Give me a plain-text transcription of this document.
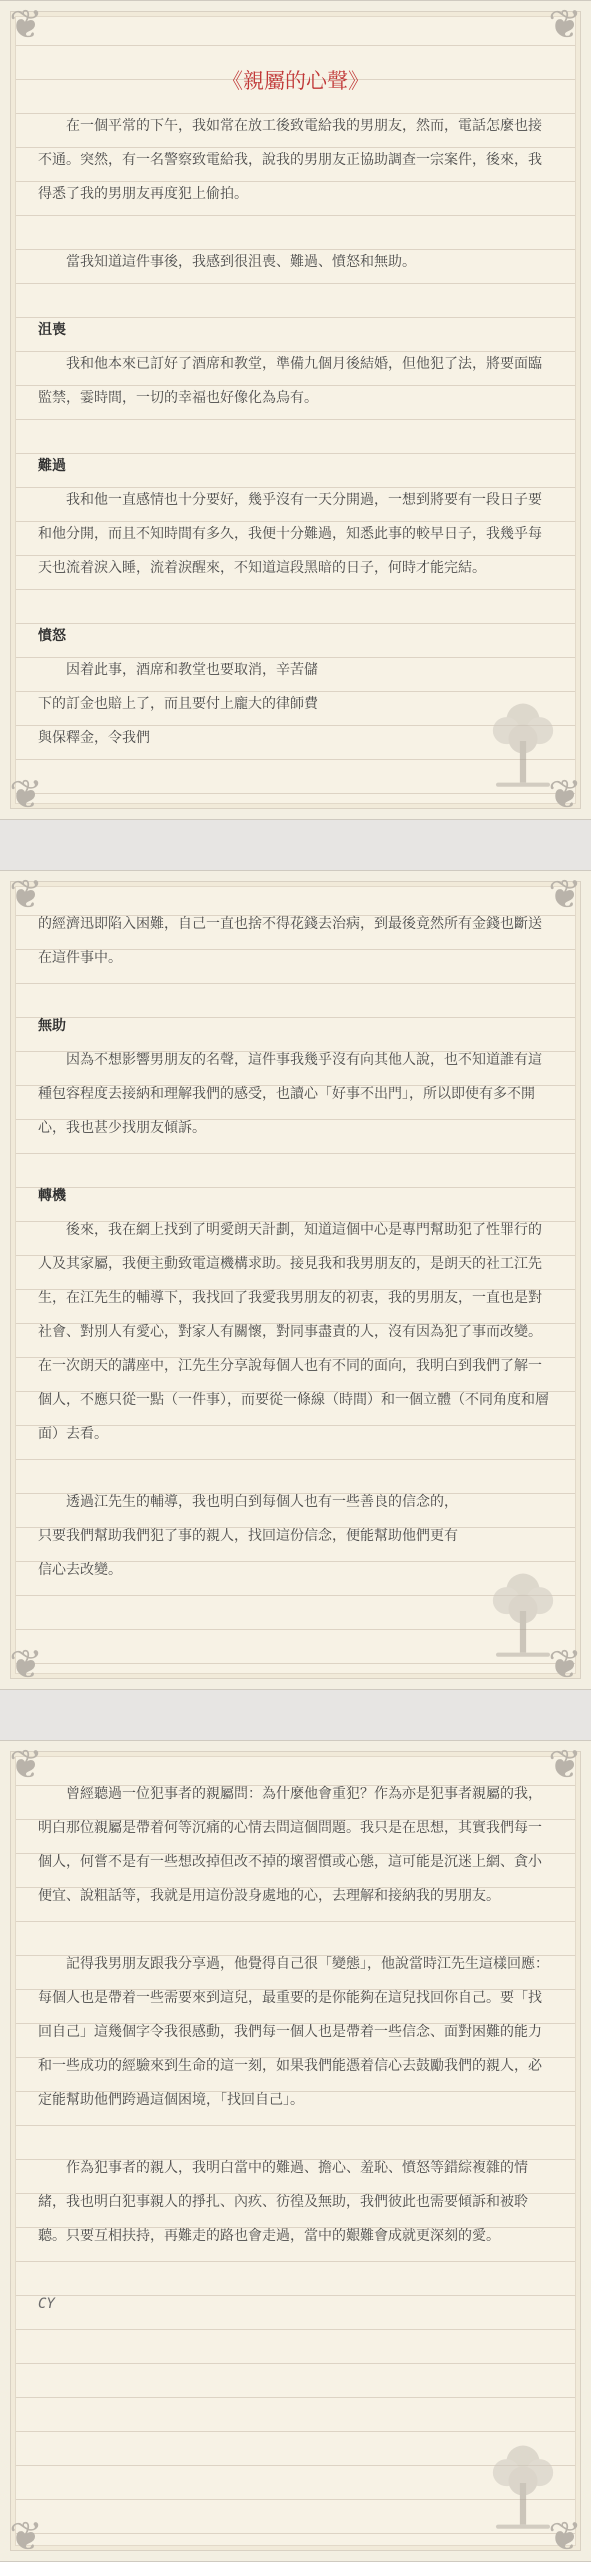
❦	❦
❦	❦
《親屬的心聲》

在一個平常的下午，我如常在放工後致電給我的男朋友，然而，電話怎麼也接不通。突然，有一名警察致電給我，說我的男朋友正協助調查一宗案件，後來，我得悉了我的男朋友再度犯上偷拍。

當我知道這件事後，我感到很沮喪、難過、憤怒和無助。

沮喪

我和他本來已訂好了酒席和教堂，準備九個月後結婚，但他犯了法，將要面臨監禁，霎時間，一切的幸福也好像化為烏有。

難過

我和他一直感情也十分要好，幾乎沒有一天分開過，一想到將要有一段日子要和他分開，而且不知時間有多久，我便十分難過，知悉此事的較早日子，我幾乎每天也流着淚入睡，流着淚醒來，不知道這段黑暗的日子，何時才能完結。

憤怒

因着此事，酒席和教堂也要取消，辛苦儲下的訂金也賠上了，而且要付上龐大的律師費與保釋金，令我們

❦	❦
❦	❦

的經濟迅即陷入困難，自己一直也捨不得花錢去治病，到最後竟然所有金錢也斷送在這件事中。

無助

因為不想影響男朋友的名聲，這件事我幾乎沒有向其他人說，也不知道誰有這種包容程度去接納和理解我們的感受，也讀心「好事不出門」，所以即使有多不開心，我也甚少找朋友傾訴。

轉機

後來，我在網上找到了明愛朗天計劃，知道這個中心是專門幫助犯了性罪行的人及其家屬，我便主動致電這機構求助。接見我和我男朋友的，是朗天的社工江先生，在江先生的輔導下，我找回了我愛我男朋友的初衷，我的男朋友，一直也是對社會、對別人有愛心，對家人有關懷，對同事盡責的人，沒有因為犯了事而改變。在一次朗天的講座中，江先生分享說每個人也有不同的面向，我明白到我們了解一個人，不應只從一點（一件事），而要從一條線（時間）和一個立體（不同角度和層面）去看。

透過江先生的輔導，我也明白到每個人也有一些善良的信念的，只要我們幫助我們犯了事的親人，找回這份信念，便能幫助他們更有信心去改變。

❦	❦
❦	❦

曾經聽過一位犯事者的親屬問：為什麼他會重犯？作為亦是犯事者親屬的我，明白那位親屬是帶着何等沉痛的心情去問這個問題。我只是在思想，其實我們每一個人，何嘗不是有一些想改掉但改不掉的壞習慣或心態，這可能是沉迷上網、貪小便宜、說粗話等，我就是用這份設身處地的心，去理解和接納我的男朋友。

記得我男朋友跟我分享過，他覺得自己很「變態」，他說當時江先生這樣回應：每個人也是帶着一些需要來到這兒，最重要的是你能夠在這兒找回你自己。要「找回自己」這幾個字令我很感動，我們每一個人也是帶着一些信念、面對困難的能力和一些成功的經驗來到生命的這一刻，如果我們能憑着信心去鼓勵我們的親人，必定能幫助他們跨過這個困境，「找回自己」。

作為犯事者的親人，我明白當中的難過、擔心、羞恥、憤怒等錯綜複雜的情緒，我也明白犯事親人的掙扎、內疚、彷徨及無助，我們彼此也需要傾訴和被聆聽。只要互相扶持，再難走的路也會走過，當中的艱難會成就更深刻的愛。

CY
